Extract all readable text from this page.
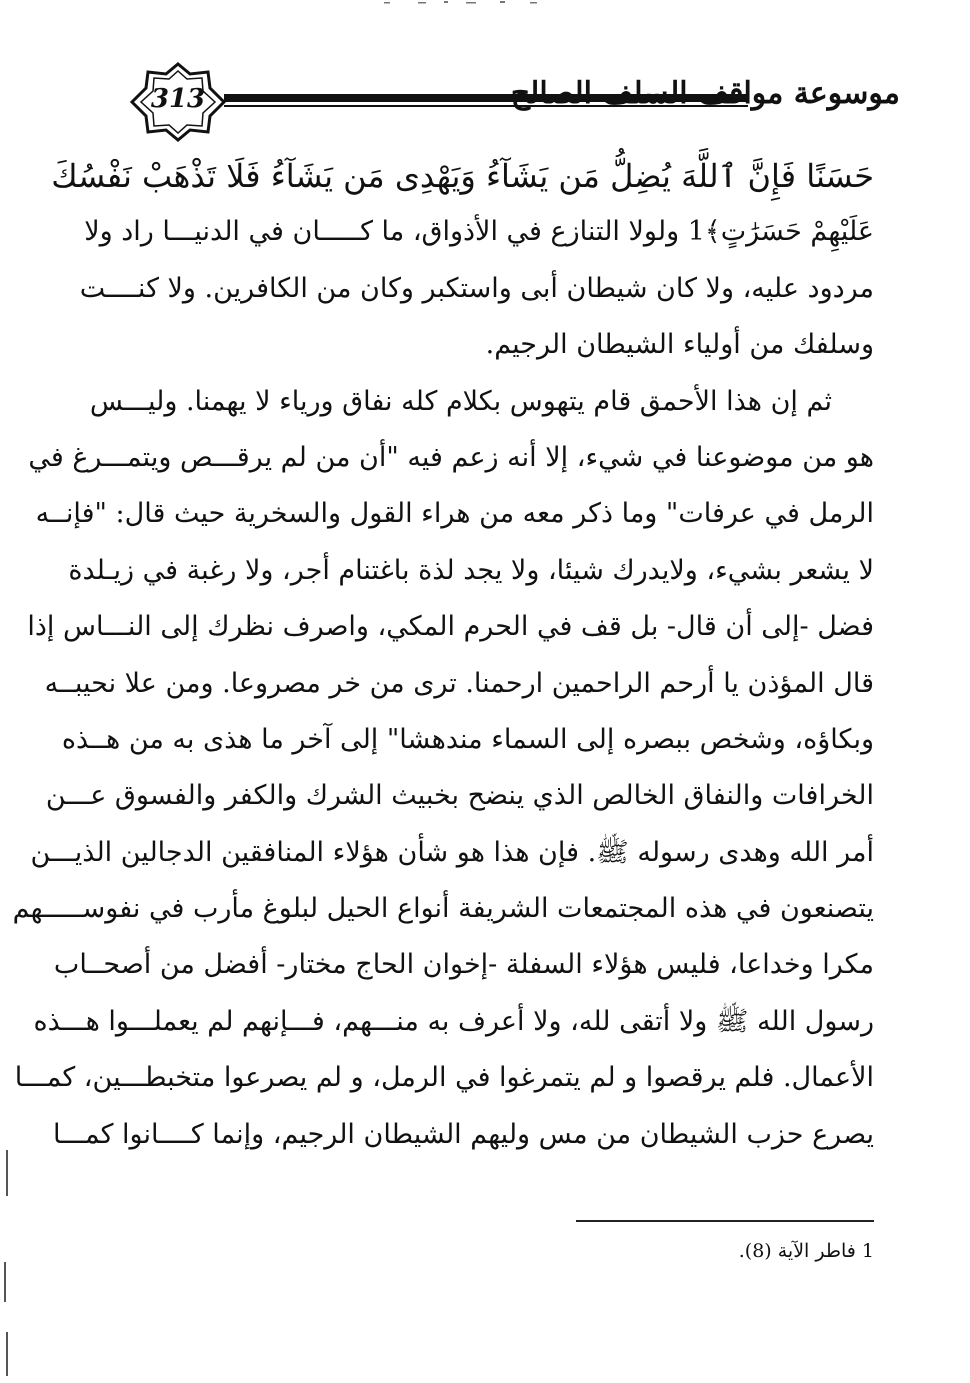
313	موسوعة مواقف السلف الصالح
حَسَنًا فَإِنَّ ٱللَّهَ يُضِلُّ مَن يَشَآءُ وَيَهْدِى مَن يَشَآءُ فَلَا تَذْهَبْ نَفْسُكَ
عَلَيْهِمْ حَسَرَٰتٍ﴾1 ولولا التنازع في الأذواق، ما كـــــان في الدنيـــا راد ولا
مردود عليه، ولا كان شيطان أبى واستكبر وكان من الكافرين. ولا كنــــت
وسلفك من أولياء الشيطان الرجيم.
ثم إن هذا الأحمق قام يتهوس بكلام كله نفاق ورياء لا يهمنا. وليـــس
هو من موضوعنا في شيء، إلا أنه زعم فيه "أن من لم يرقـــص ويتمـــرغ في
الرمل في عرفات" وما ذكر معه من هراء القول والسخرية حيث قال: "فإنــه
لا يشعر بشيء، ولايدرك شيئا، ولا يجد لذة باغتنام أجر، ولا رغبة في زيـلدة
فضل -إلى أن قال- بل قف في الحرم المكي، واصرف نظرك إلى النـــاس إذا
قال المؤذن يا أرحم الراحمين ارحمنا. ترى من خر مصروعا. ومن علا نحيبــه
وبكاؤه، وشخص ببصره إلى السماء مندهشا" إلى آخر ما هذى به من هــذه
الخرافات والنفاق الخالص الذي ينضح بخبيث الشرك والكفر والفسوق عـــن
أمر الله وهدى رسوله ﷺ. فإن هذا هو شأن هؤلاء المنافقين الدجالين الذيـــن
يتصنعون في هذه المجتمعات الشريفة أنواع الحيل لبلوغ مأرب في نفوســـــهم
مكرا وخداعا، فليس هؤلاء السفلة -إخوان الحاج مختار- أفضل من أصحــاب
رسول الله ﷺ ولا أتقى لله، ولا أعرف به منـــهم، فـــإنهم لم يعملـــوا هـــذه
الأعمال. فلم يرقصوا و لم يتمرغوا في الرمل، و لم يصرعوا متخبطـــين، كمـــا
يصرع حزب الشيطان من مس وليهم الشيطان الرجيم، وإنما كــــانوا كمـــا
1 فاطر الآية (8).
